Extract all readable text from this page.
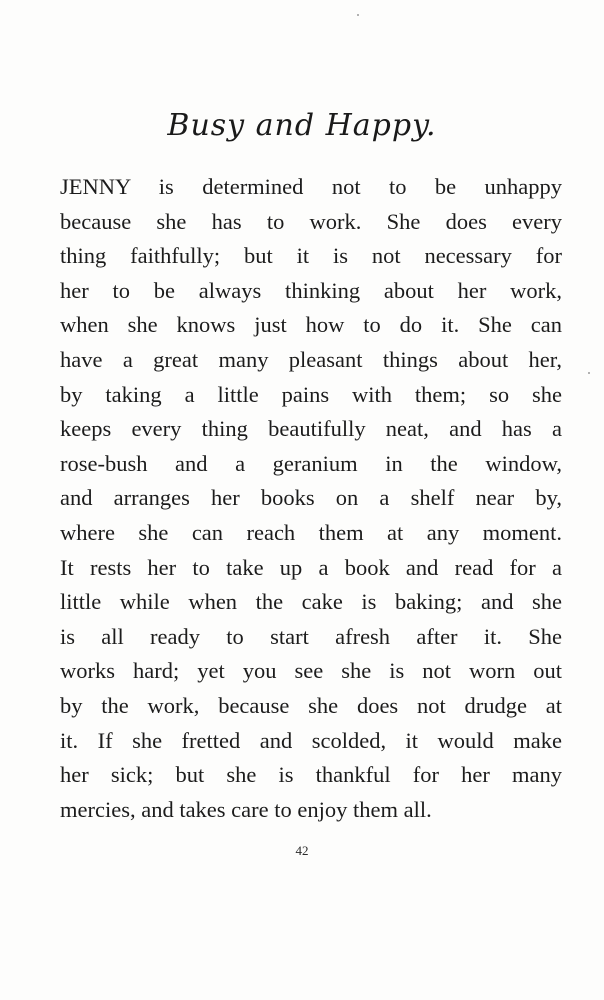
Busy and Happy.
JENNY is determined not to be unhappy
because she has to work. She does every
thing faithfully; but it is not necessary for
her to be always thinking about her work,
when she knows just how to do it. She can
have a great many pleasant things about her,
by taking a little pains with them; so she
keeps every thing beautifully neat, and has a
rose-bush and a geranium in the window,
and arranges her books on a shelf near by,
where she can reach them at any moment.
It rests her to take up a book and read for a
little while when the cake is baking; and she
is all ready to start afresh after it. She
works hard; yet you see she is not worn out
by the work, because she does not drudge at
it. If she fretted and scolded, it would make
her sick; but she is thankful for her many
mercies, and takes care to enjoy them all.
42
